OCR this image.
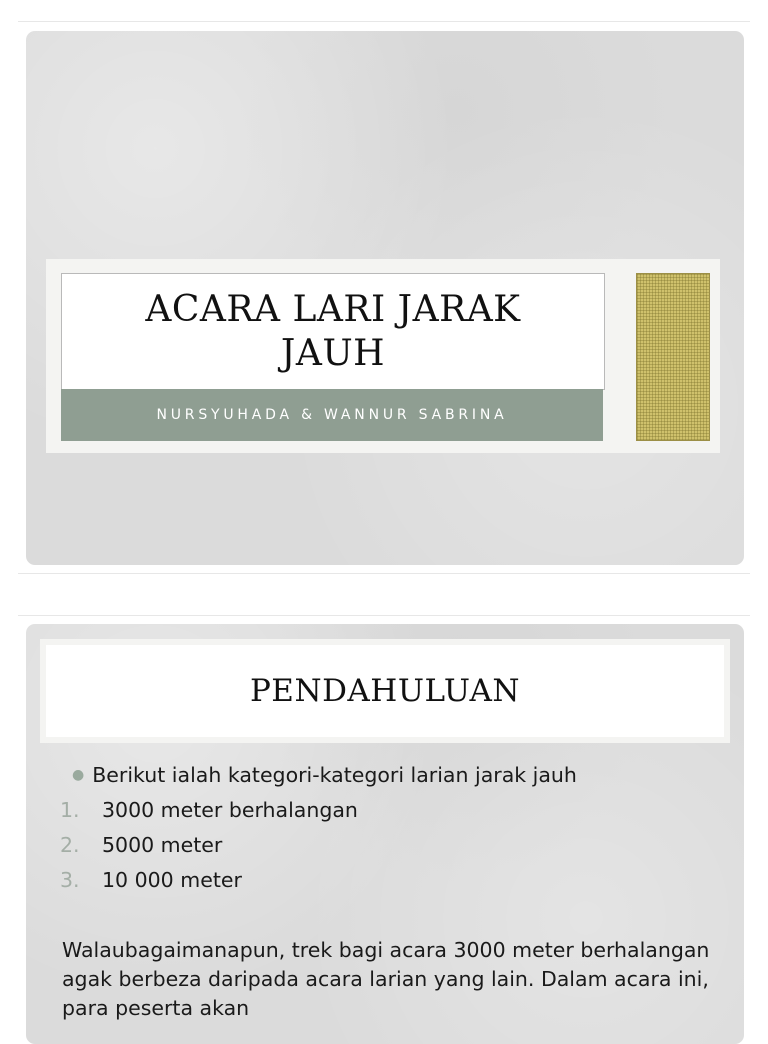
ACARA LARI JARAK JAUH
NURSYUHADA & WANNUR SABRINA
PENDAHULUAN
● Berikut ialah kategori-kategori larian jarak jauh
1. 3000 meter berhalangan
2. 5000 meter
3. 10 000 meter
Walaubagaimanapun, trek bagi acara 3000 meter berhalangan agak berbeza daripada acara larian yang lain. Dalam acara ini, para peserta akan
